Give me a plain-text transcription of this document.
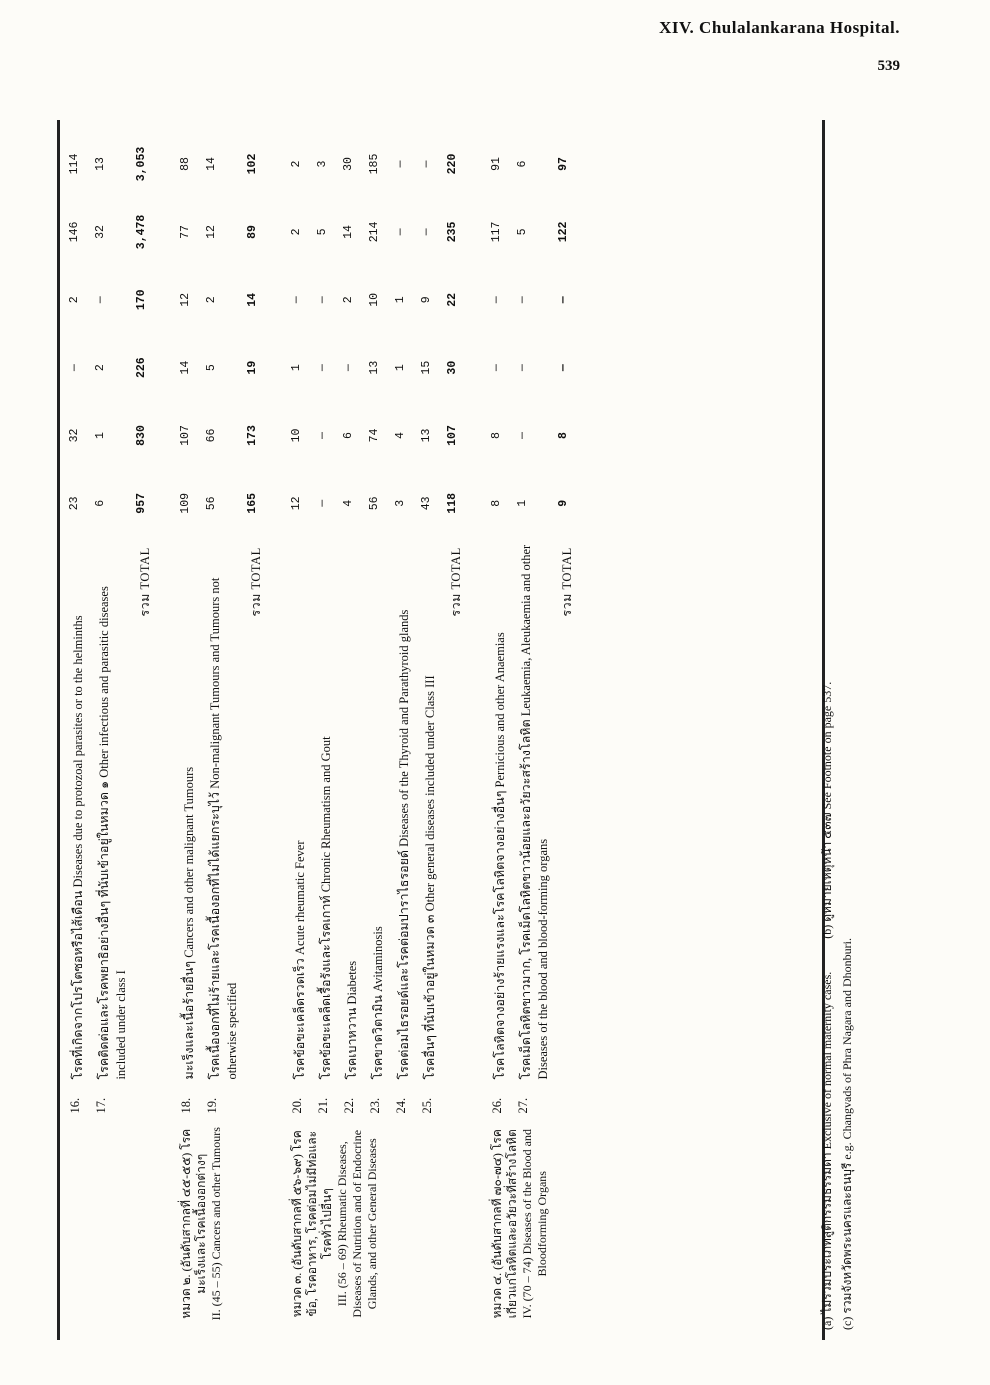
XIV. Chulalankarana Hospital.
539
	16.	โรคที่เกิดจากโปรโตซอหรือไส้เดือน Diseases due to protozoal parasites or to the helminths	23	32	—	2	146	114
	17.	โรคติดต่อและโรคพยาธิอย่างอื่นๆ ที่นับเข้าอยู่ในหมวด ๑ Other infectious and parasitic diseases included under class I	6	1	2	—	32	13
	รวม TOTAL		957	830	226	170	3,478	3,053

หมวด ๒. (อันดับสากลที่ ๔๕-๕๕) โรคมะเร็งและโรคเนื้องอกต่างๆ II. (45 – 55) Cancers and other Tumours	18.	มะเร็งและเนื้อร้ายอื่นๆ Cancers and other malignant Tumours	109	107	14	12	77	88
	19.	โรคเนื้องอกที่ไม่ร้ายและโรคเนื้องอกที่ไม่ได้แยกระบุไว้ Non-malignant Tumours and Tumours not otherwise specified	56	66	5	2	12	14
	รวม TOTAL		165	173	19	14	89	102

หมวด ๓. (อันดับสากลที่ ๕๖-๖๙) โรคข้อ, โรคอาหาร, โรคต่อมไม่มีท่อและโรคทั่วไปอื่นๆ III. (56 – 69) Rheumatic Diseases, Diseases of Nutrition and of Endocrine Glands, and other General Diseases	20.	โรคข้อขะเคล็ดรวดเร็ว Acute rheumatic Fever	12	10	1	—	2	2
	21.	โรคข้อขะเคล็ดเรื้อรังและโรคเกาท์ Chronic Rheumatism and Gout	—	—	—	—	5	3
	22.	โรคเบาหวาน Diabetes	4	6	—	2	14	30
	23.	โรคขาดวิตามิน Avitaminosis	56	74	13	10	214	185
	24.	โรคต่อมไธรอยด์และโรคต่อมปาราไธรอยด์ Diseases of the Thyroid and Parathyroid glands	3	4	1	1	—	—
	25.	โรคอื่นๆ ที่นับเข้าอยู่ในหมวด ๓ Other general diseases included under Class III	43	13	15	9	—	—
	รวม TOTAL		118	107	30	22	235	220

หมวด ๔. (อันดับสากลที่ ๗๐-๗๔) โรคเกี่ยวแก่โลหิตและอวัยวะที่สร้างโลหิต IV. (70 – 74) Diseases of the Blood and Bloodforming Organs	26.	โรคโลหิตจางอย่างร้ายแรงและโรคโลหิตจางอย่างอื่นๆ Pernicious and other Anaemias	8	8	—	—	117	91
	27.	โรคเม็ดโลหิตขาวมาก, โรคเม็ดโลหิตขาวน้อยและอวัยวะสร้างโลหิต Leukaemia, Aleukaemia and other Diseases of the blood and blood-forming organs	1	—	—	—	5	6
	รวม TOTAL		9	8	—	—	122	97

(a) ไม่รวมประเภทสูติกรรมธรรมดา Exclusive of normal maternity cases. (b) ดูหมายเหตุหน้า ๕๓๗ See Footnote on page 537.
(c) รวมจังหวัดพระนครและธนบุรี e.g. Changvads of Phra Nagara and Dhonburi.
